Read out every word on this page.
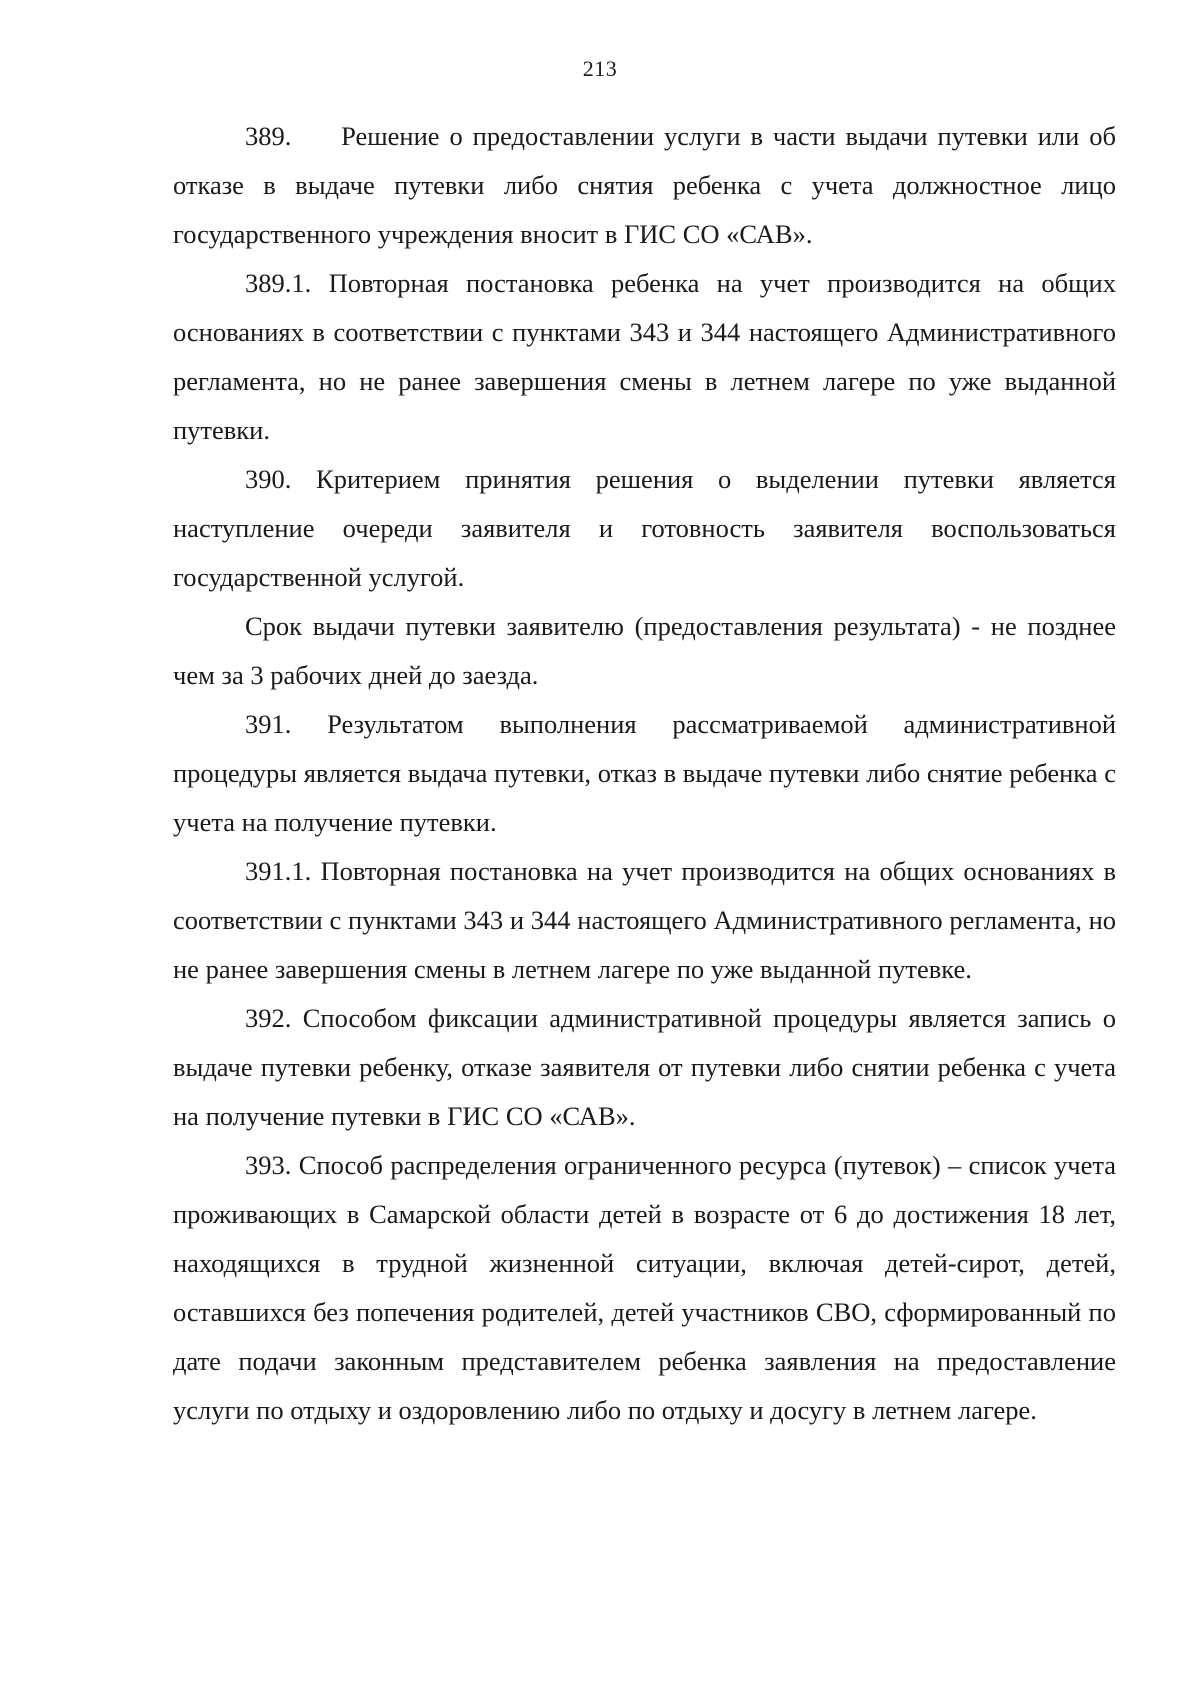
213

389.     Решение о предоставлении услуги в части выдачи путевки или об отказе в выдаче путевки либо снятия ребенка с учета должностное лицо государственного учреждения вносит в ГИС СО «САВ».

389.1. Повторная постановка ребенка на учет производится на общих основаниях в соответствии с пунктами 343 и 344 настоящего Административного регламента, но не ранее завершения смены в летнем лагере по уже выданной путевки.

390. Критерием принятия решения о выделении путевки является наступление очереди заявителя и готовность заявителя воспользоваться государственной услугой.

Срок выдачи путевки заявителю (предоставления результата) - не позднее чем за 3 рабочих дней до заезда.

391. Результатом выполнения рассматриваемой административной процедуры является выдача путевки, отказ в выдаче путевки либо снятие ребенка с учета на получение путевки.

391.1. Повторная постановка на учет производится на общих основаниях в соответствии с пунктами 343 и 344 настоящего Административного регламента, но не ранее завершения смены в летнем лагере по уже выданной путевке.

392. Способом фиксации административной процедуры является запись о выдаче путевки ребенку, отказе заявителя от путевки либо снятии ребенка с учета на получение путевки в ГИС СО «САВ».

393. Способ распределения ограниченного ресурса (путевок) – список учета проживающих в Самарской области детей в возрасте от 6 до достижения 18 лет, находящихся в трудной жизненной ситуации, включая детей-сирот, детей, оставшихся без попечения родителей, детей участников СВО, сформированный по дате подачи законным представителем ребенка заявления на предоставление услуги по отдыху и оздоровлению либо по отдыху и досугу в летнем лагере.
